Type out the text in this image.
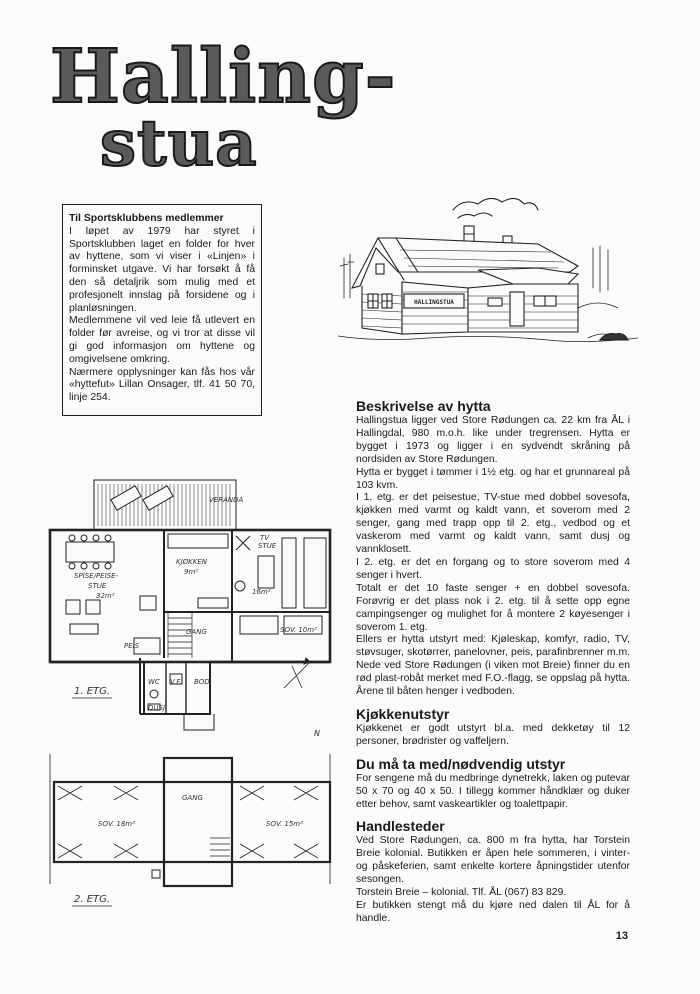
Halling-
stua
Til Sportsklubbens medlemmer

I løpet av 1979 har styret i Sportsklubben laget en folder for hver av hyttene, som vi viser i «Linjen» i forminsket utgave. Vi har forsøkt å få den så detaljrik som mulig med et profesjonelt innslag på forsidene og i planløsningen.

Medlemmene vil ved leie få utlevert en folder før avreise, og vi tror at disse vil gi god informasjon om hyttene og omgivelsene omkring.

Nærmere opplysninger kan fås hos vår «hyttefut» Lillan Onsager, tlf. 41 50 70, linje 254.

HALLINGSTUA
VERANDA
SPISE/PEISE-
STUE
32m²
KJØKKEN
9m²
TV
STUE
16m²
GANG	SOV. 10m²
PEIS
WC V.F. BOD
DUSJ
N
1. ETG.
GANG
SOV. 18m²	SOV. 15m²
2. ETG.
Beskrivelse av hytta

Hallingstua ligger ved Store Rødungen ca. 22 km fra ÅL i Hallingdal, 980 m.o.h. like under tregrensen. Hytta er bygget i 1973 og ligger i en sydvendt skråning på nordsiden av Store Rødungen.

Hytta er bygget i tømmer i 1½ etg. og har et grunnareal på 103 kvm.

I 1. etg. er det peisestue, TV-stue med dobbel sovesofa, kjøkken med varmt og kaldt vann, et soverom med 2 senger, gang med trapp opp til 2. etg., vedbod og et vaskerom med varmt og kaldt vann, samt dusj og vannklosett.

I 2. etg. er det en forgang og to store soverom med 4 senger i hvert.

Totalt er det 10 faste senger + en dobbel sovesofa. Forøvrig er det plass nok i 2. etg. til å sette opp egne campingsenger og mulighet for å montere 2 køyesenger i soverom 1. etg.

Ellers er hytta utstyrt med: Kjøleskap, komfyr, radio, TV, støvsuger, skotørrer, panelovner, peis, parafinbrenner m.m. Nede ved Store Rødungen (i viken mot Breie) finner du en rød plast-robåt merket med F.O.-flagg, se oppslag på hytta. Årene til båten henger i vedboden.

Kjøkkenutstyr

Kjøkkenet er godt utstyrt bl.a. med dekketøy til 12 personer, brødrister og vaffeljern.

Du må ta med/nødvendig utstyr

For sengene må du medbringe dynetrekk, laken og putevar 50 x 70 og 40 x 50. I tillegg kommer håndklær og duker etter behov, samt vaskeartikler og toalettpapir.

Handlesteder

Ved Store Rødungen, ca. 800 m fra hytta, har Torstein Breie kolonial. Butikken er åpen hele sommeren, i vinter- og påskeferien, samt enkelte kortere åpningstider utenfor sesongen.

Torstein Breie – kolonial. Tlf. ÅL (067) 83 829.

Er butikken stengt må du kjøre ned dalen til ÅL for å handle.

13
